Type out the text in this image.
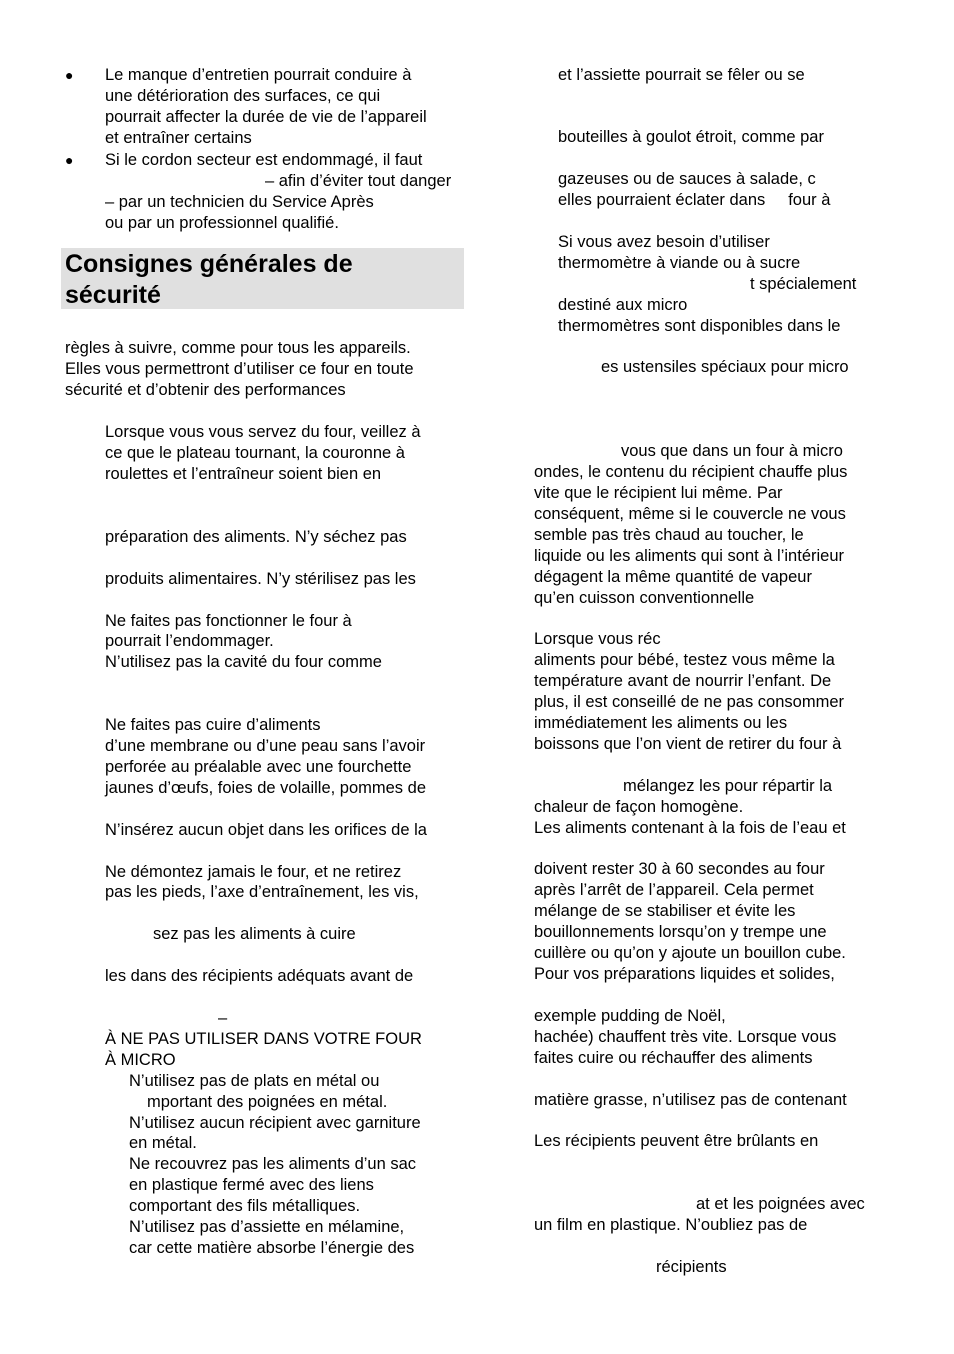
● Le manque d’entretien pourrait conduire à
une détérioration des surfaces, ce qui
pourrait affecter la durée de vie de l’appareil
et entraîner certains
● Si le cordon secteur est endommagé, il faut
– afin d’éviter tout danger
– par un technicien du Service Après
ou par un professionnel qualifié.
Consignes générales de
sécurité
règles à suivre, comme pour tous les appareils.
Elles vous permettront d’utiliser ce four en toute
sécurité et d’obtenir des performances
Lorsque vous vous servez du four, veillez à
ce que le plateau tournant, la couronne à
roulettes et l’entraîneur soient bien en
préparation des aliments. N’y séchez pas
produits alimentaires. N’y stérilisez pas les
Ne faites pas fonctionner le four à
pourrait l’endommager.
N’utilisez pas la cavité du four comme
Ne faites pas cuire d’aliments
d’une membrane ou d’une peau sans l’avoir
perforée au préalable avec une fourchette
jaunes d’œufs, foies de volaille, pommes de
N’insérez aucun objet dans les orifices de la
Ne démontez jamais le four, et ne retirez
pas les pieds, l’axe d’entraînement, les vis,
sez pas les aliments à cuire
les dans des récipients adéquats avant de
–
À NE PAS UTILISER DANS VOTRE FOUR
À MICRO
N’utilisez pas de plats en métal ou
mportant des poignées en métal.
N’utilisez aucun récipient avec garniture
en métal.
Ne recouvrez pas les aliments d’un sac
en plastique fermé avec des liens
comportant des fils métalliques.
N’utilisez pas d’assiette en mélamine,
car cette matière absorbe l’énergie des
et l’assiette pourrait se fêler ou se
bouteilles à goulot étroit, comme par
gazeuses ou de sauces à salade, c
elles pourraient éclater dans     four à
Si vous avez besoin d’utiliser
thermomètre à viande ou à sucre
t spécialement
destiné aux micro
thermomètres sont disponibles dans le
es ustensiles spéciaux pour micro
vous que dans un four à micro
ondes, le contenu du récipient chauffe plus
vite que le récipient lui même. Par
conséquent, même si le couvercle ne vous
semble pas très chaud au toucher, le
liquide ou les aliments qui sont à l’intérieur
dégagent la même quantité de vapeur
qu’en cuisson conventionnelle
Lorsque vous réc
aliments pour bébé, testez vous même la
température avant de nourrir l’enfant. De
plus, il est conseillé de ne pas consommer
immédiatement les aliments ou les
boissons que l’on vient de retirer du four à
mélangez les pour répartir la
chaleur de façon homogène.
Les aliments contenant à la fois de l’eau et
doivent rester 30 à 60 secondes au four
après l’arrêt de l’appareil. Cela permet
mélange de se stabiliser et évite les
bouillonnements lorsqu’on y trempe une
cuillère ou qu’on y ajoute un bouillon cube.
Pour vos préparations liquides et solides,
exemple pudding de Noël,
hachée) chauffent très vite. Lorsque vous
faites cuire ou réchauffer des aliments
matière grasse, n’utilisez pas de contenant
Les récipients peuvent être brûlants en
at et les poignées avec
un film en plastique. N’oubliez pas de
récipients
